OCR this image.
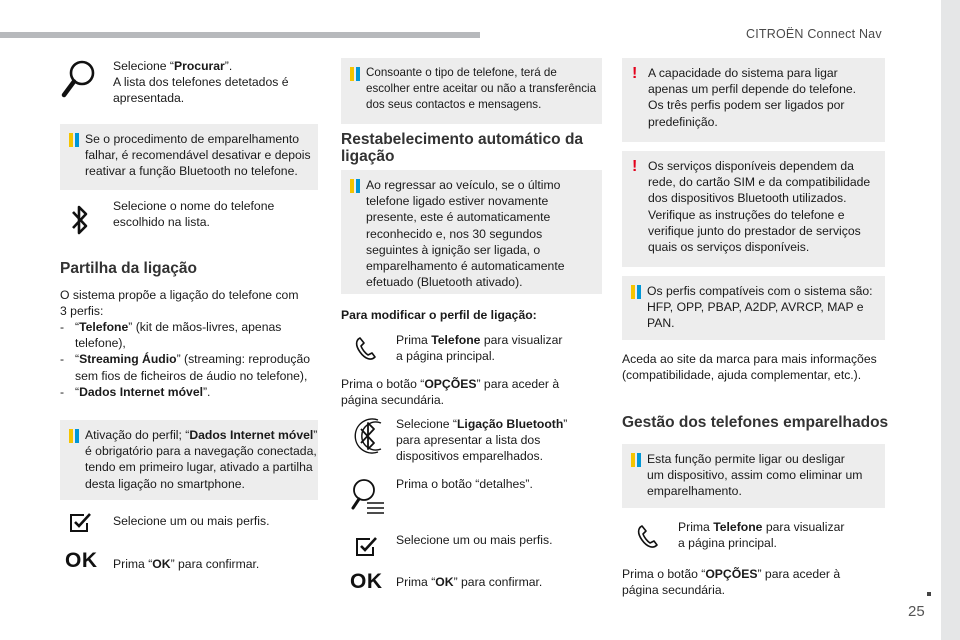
CITROËN Connect Nav
25
Selecione “Procurar”.
A lista dos telefones detetados é
apresentada.
Se o procedimento de emparelhamento
falhar, é recomendável desativar e depois
reativar a função Bluetooth no telefone.
Selecione o nome do telefone
escolhido na lista.
Partilha da ligação
O sistema propõe a ligação do telefone com
3 perfis:
- “Telefone” (kit de mãos-livres, apenas
telefone),
- “Streaming Áudio” (streaming: reprodução
sem fios de ficheiros de áudio no telefone),
- “Dados Internet móvel”.
Ativação do perfil; “Dados Internet móvel”
é obrigatório para a navegação conectada,
tendo em primeiro lugar, ativado a partilha
desta ligação no smartphone.
Selecione um ou mais perfis.
OK Prima “OK” para confirmar.
Consoante o tipo de telefone, terá de
escolher entre aceitar ou não a transferência
dos seus contactos e mensagens.
Restabelecimento automático da
ligação
Ao regressar ao veículo, se o último
telefone ligado estiver novamente
presente, este é automaticamente
reconhecido e, nos 30 segundos
seguintes à ignição ser ligada, o
emparelhamento é automaticamente
efetuado (Bluetooth ativado).
Para modificar o perfil de ligação:
Prima Telefone para visualizar
a página principal.
Prima o botão “OPÇÕES” para aceder à
página secundária.
Selecione “Ligação Bluetooth”
para apresentar a lista dos
dispositivos emparelhados.
Prima o botão “detalhes”.
Selecione um ou mais perfis.
OK Prima “OK” para confirmar.
! A capacidade do sistema para ligar
apenas um perfil depende do telefone.
Os três perfis podem ser ligados por
predefinição.
! Os serviços disponíveis dependem da
rede, do cartão SIM e da compatibilidade
dos dispositivos Bluetooth utilizados.
Verifique as instruções do telefone e
verifique junto do prestador de serviços
quais os serviços disponíveis.
Os perfis compatíveis com o sistema são:
HFP, OPP, PBAP, A2DP, AVRCP, MAP e
PAN.
Aceda ao site da marca para mais informações
(compatibilidade, ajuda complementar, etc.).
Gestão dos telefones emparelhados
Esta função permite ligar ou desligar
um dispositivo, assim como eliminar um
emparelhamento.
Prima Telefone para visualizar
a página principal.
Prima o botão “OPÇÕES” para aceder à
página secundária.
